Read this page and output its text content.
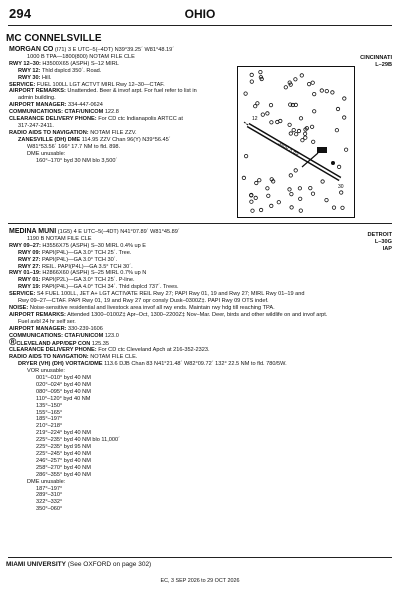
294	OHIO
MC CONNELSVILLE
MORGAN CO (I71) 3 E UTC–5(–4DT) N39°39.25´ W81°48.19´
1000 B TPA—1800(800) NOTAM FILE CLE
RWY 12–30: H3500X65 (ASPH) S–12 MIRL
RWY 12: Thld dsplcd 350´. Road.
RWY 30: Hill.
SERVICE: FUEL 100LL LGT ACTVT MIRL Rwy 12–30—CTAF.
AIRPORT REMARKS: Unattended. Beer & invof arpt. For fuel refer to list in
admin building.
AIRPORT MANAGER: 334-447-0624
COMMUNICATIONS: CTAF/UNICOM 122.8
CLEARANCE DELIVERY PHONE: For CD ctc Indianapolis ARTCC at
317-247-2411.
RADIO AIDS TO NAVIGATION: NOTAM FILE ZZV.
ZANESVILLE (DH) DME 114.95 ZZV Chan 96(Y) N39°56.45´
W81°53.56´ 166° 17.7 NM to fld. 898.
DME unusable:
160°–170° byd 30 NM blo 3,500´
CINCINNATI
L–29B
3500 X 65
12
30
MEDINA MUNI (1G5) 4 E UTC–5(–4DT) N41°07.89´ W81°45.89´
1190 B NOTAM FILE CLE
RWY 09–27: H3556X75 (ASPH) S–30 MIRL 0.4% up E
RWY 09: PAPI(P4L)—GA 3.0° TCH 25´. Tree.
RWY 27: PAPI(P4L)—GA 3.0° TCH 30´.
RWY 27: REIL. PAPI(P4L)—GA 3.5° TCH 30´.
RWY 01–19: H2866X60 (ASPH) S–25 MIRL 0.7% up N
RWY 01: PAPI(P2L)—GA 3.0° TCH 25´. P-line.
RWY 19: PAPI(P4L)—GA 4.0° TCH 34´. Thld dsplcd 737´. Trees.
SERVICE: S4 FUEL 100LL, JET A+ LGT ACTIVATE REIL Rwy 27; PAPI Rwy 01, 19 and Rwy 27; MIRL Rwy 01–19 and
Rwy 09–27—CTAF. PAPI Rwy 01, 19 and Rwy 27 opr consly Dusk–0300Z‡. PAPI Rwy 09 OTS indef.
NOISE: Noise-sensitive residential and livestock area invof all rwy ends. Maintain rwy hdg till reaching TPA.
AIRPORT REMARKS: Attended 1300–0100Z‡ Apr–Oct, 1300–2200Z‡ Nov–Mar. Deer, birds and other wildlife on and invof arpt.
Fuel avbl 24 hr self ser.
AIRPORT MANAGER: 330-239-1606
COMMUNICATIONS: CTAF/UNICOM 123.0
®CLEVELAND APP/DEP CON 125.35
CLEARANCE DELIVERY PHONE: For CD ctc Cleveland Apch at 216-352-2323.
RADIO AIDS TO NAVIGATION: NOTAM FILE CLE.
DRYER (VH) (DH) VORTAC/DME 113.6 DJB Chan 83 N41°21.48´ W82°09.72´ 132° 22.5 NM to fld. 780/5W.
VOR unusable:
001°–010° byd 40 NM
020°–024° byd 40 NM
080°–095° byd 40 NM
110°–120° byd 40 NM
135°–150°
155°–165°
185°–197°
210°–218°
219°–224° byd 40 NM
225°–235° byd 40 NM blo 11,000´
225°–235° byd 95 NM
225°–245° byd 40 NM
246°–257° byd 40 NM
258°–270° byd 40 NM
286°–355° byd 40 NM
DME unusable:
187°–197°
289°–310°
322°–332°
350°–060°
DETROIT
L–30G
IAP
MIAMI UNIVERSITY (See OXFORD on page 302)
EC, 3 SEP 2026 to 29 OCT 2026
